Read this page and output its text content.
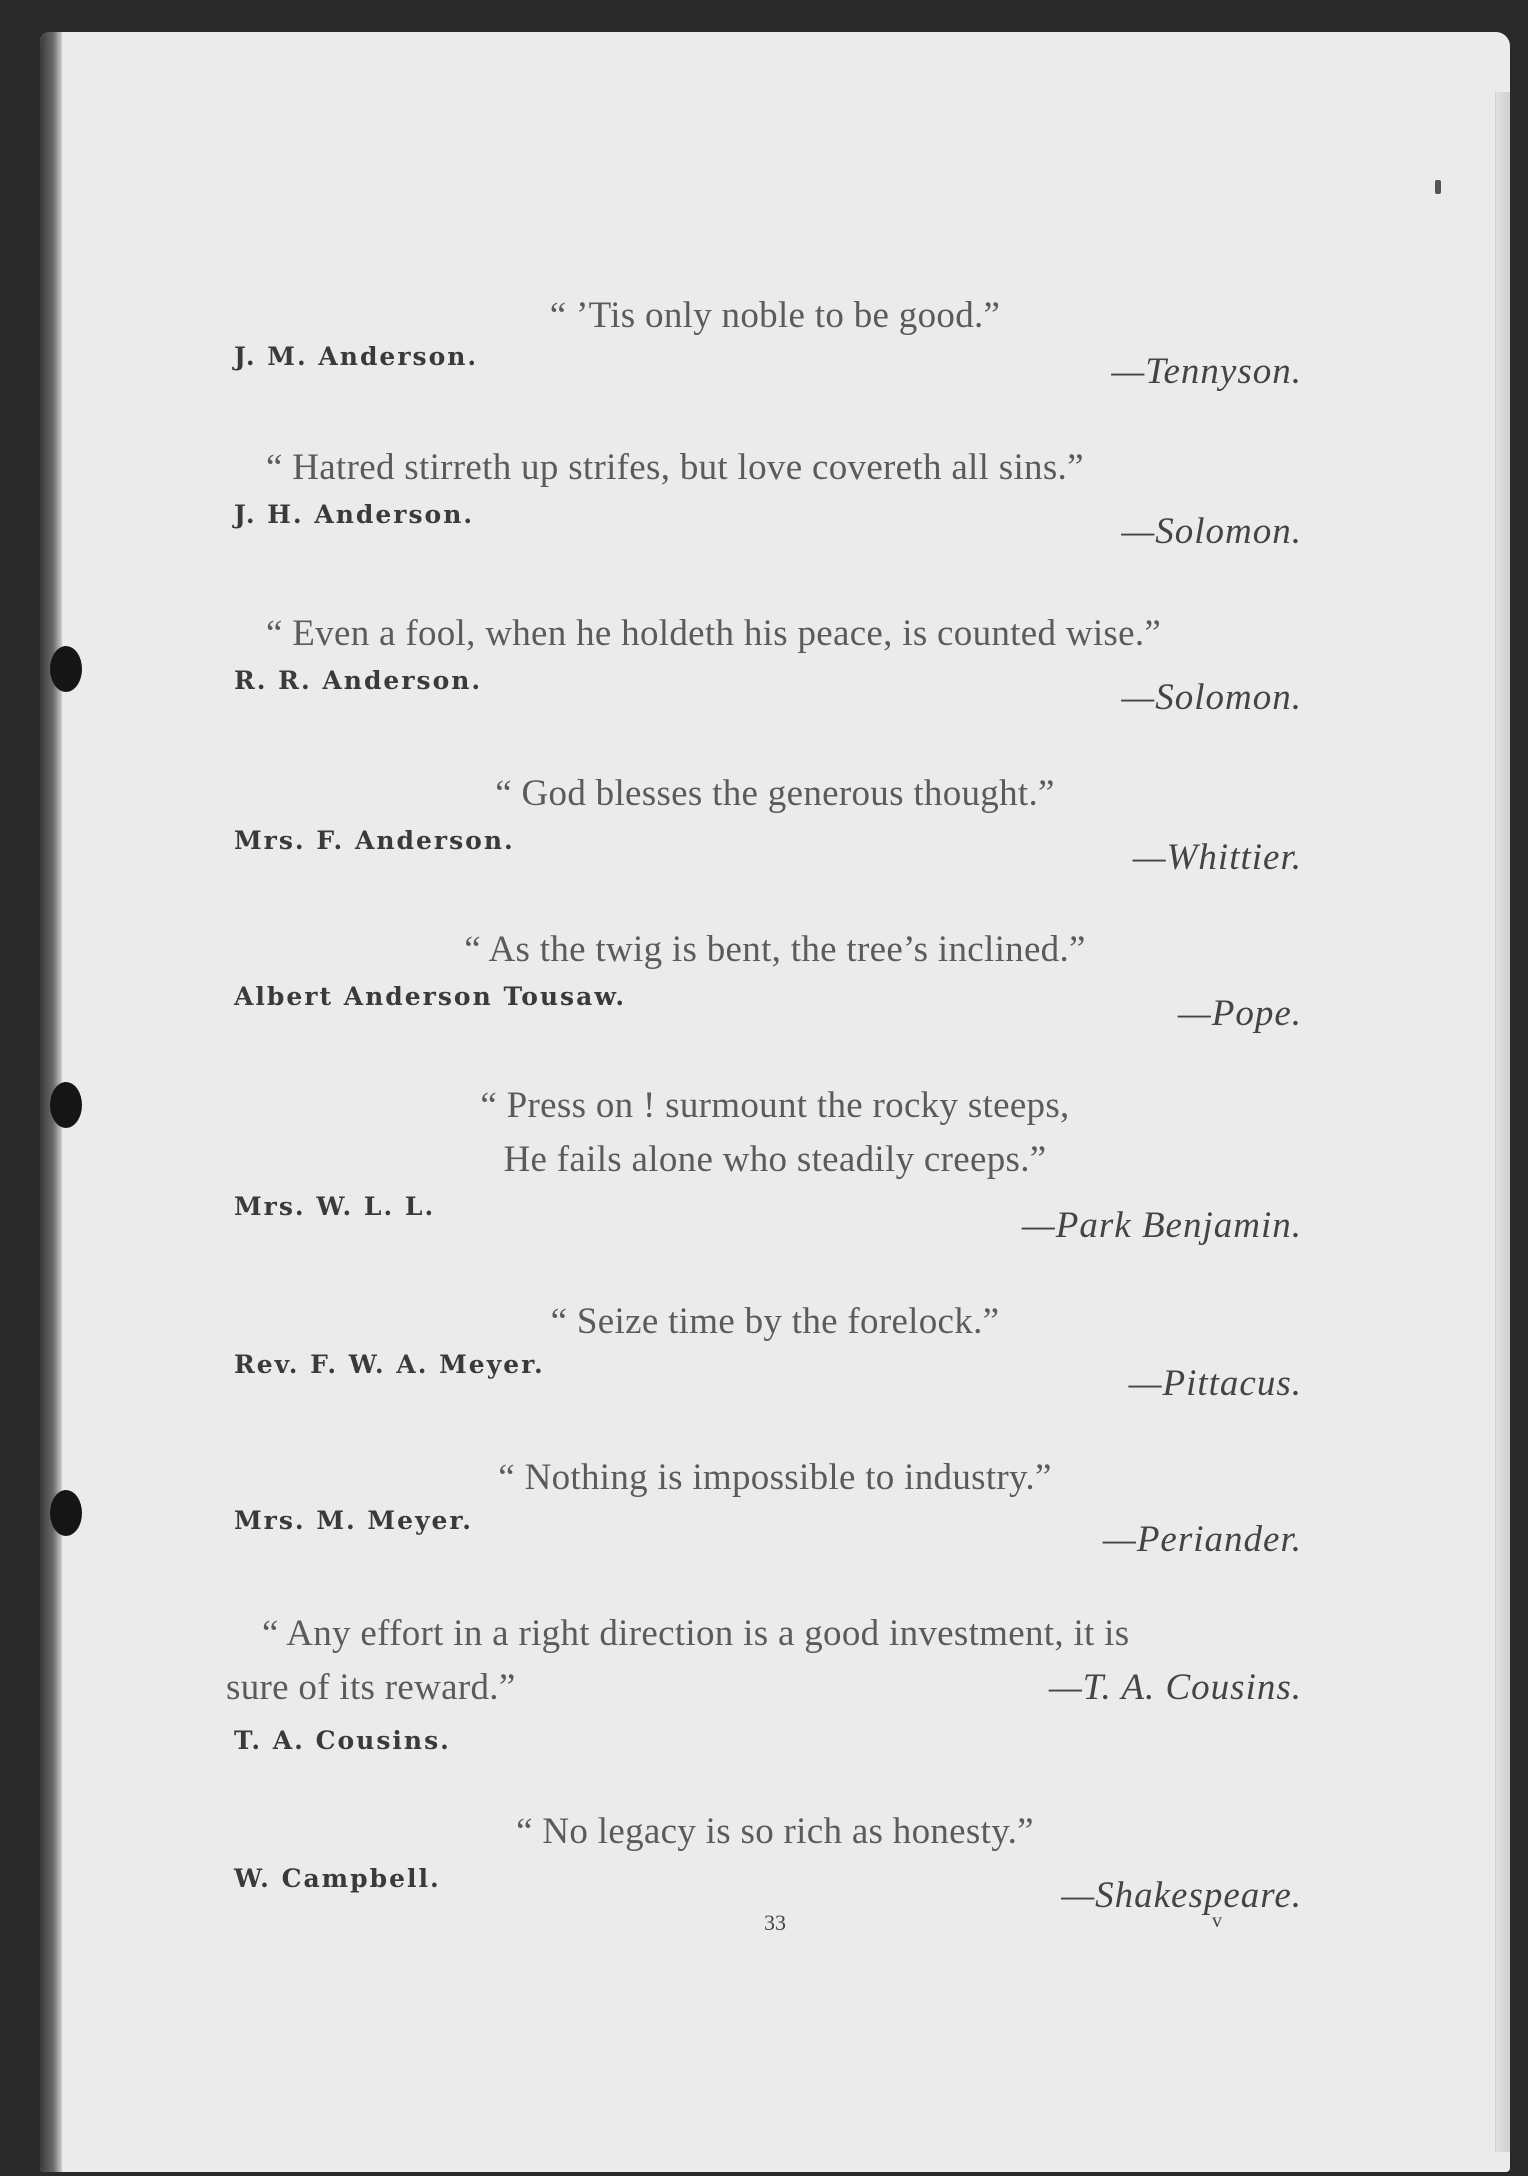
“ ’Tis only noble to be good.”
J. M. Anderson.	—Tennyson.
“ Hatred stirreth up strifes, but love covereth all sins.”
J. H. Anderson.	—Solomon.
“ Even a fool, when he holdeth his peace, is counted wise.”
R. R. Anderson.	—Solomon.
“ God blesses the generous thought.”
Mrs. F. Anderson.	—Whittier.
“ As the twig is bent, the tree’s inclined.”
Albert Anderson Tousaw.	—Pope.
“ Press on ! surmount the rocky steeps,
He fails alone who steadily creeps.”
Mrs. W. L. L.	—Park Benjamin.
“ Seize time by the forelock.”
Rev. F. W. A. Meyer.	—Pittacus.
“ Nothing is impossible to industry.”
Mrs. M. Meyer.	—Periander.
“ Any effort in a right direction is a good investment, it is
sure of its reward.”	—T. A. Cousins.
T. A. Cousins.
“ No legacy is so rich as honesty.”
W. Campbell.	—Shakespeare.
33	v
